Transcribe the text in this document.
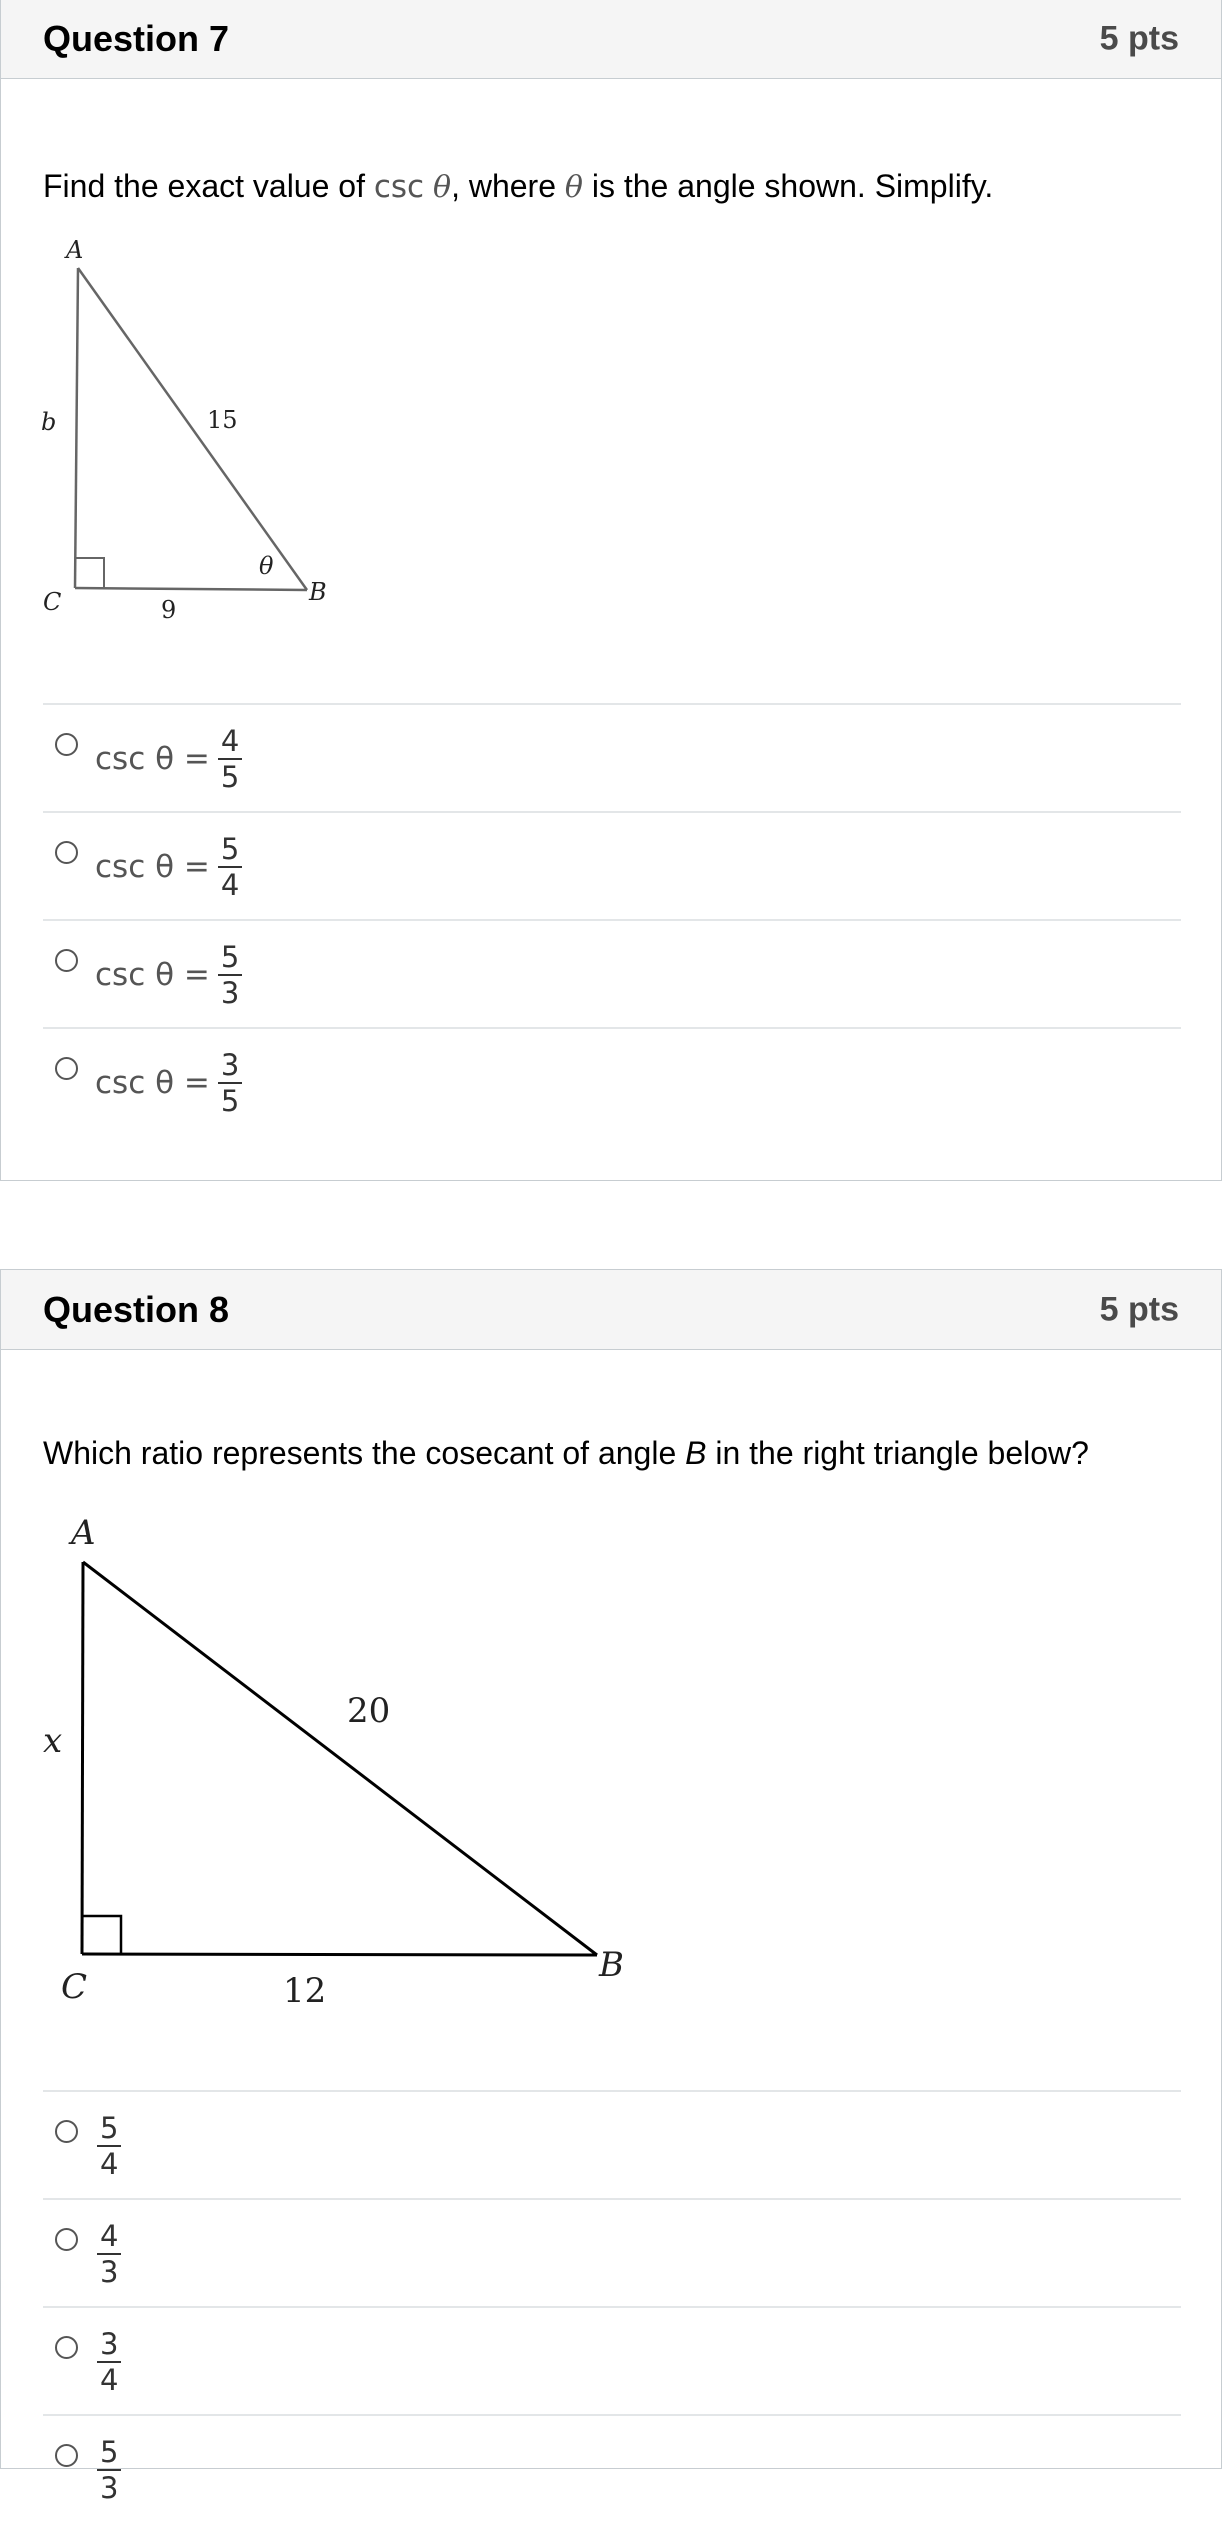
Question 7	5 pts
Find the exact value of csc θ, where θ is the angle shown. Simplify.
A
b	15
θ
C	B
9
$\csc \theta = \frac{4}{5}$
$\csc \theta = \frac{5}{4}$
$\csc \theta = \frac{5}{3}$
$\csc \theta = \frac{3}{5}$
Question 8	5 pts
Which ratio represents the cosecant of angle B in the right triangle below?
A
x
20
C
B
12
$\frac{5}{4}$
$\frac{4}{3}$
$\frac{3}{4}$
$\frac{5}{3}$
